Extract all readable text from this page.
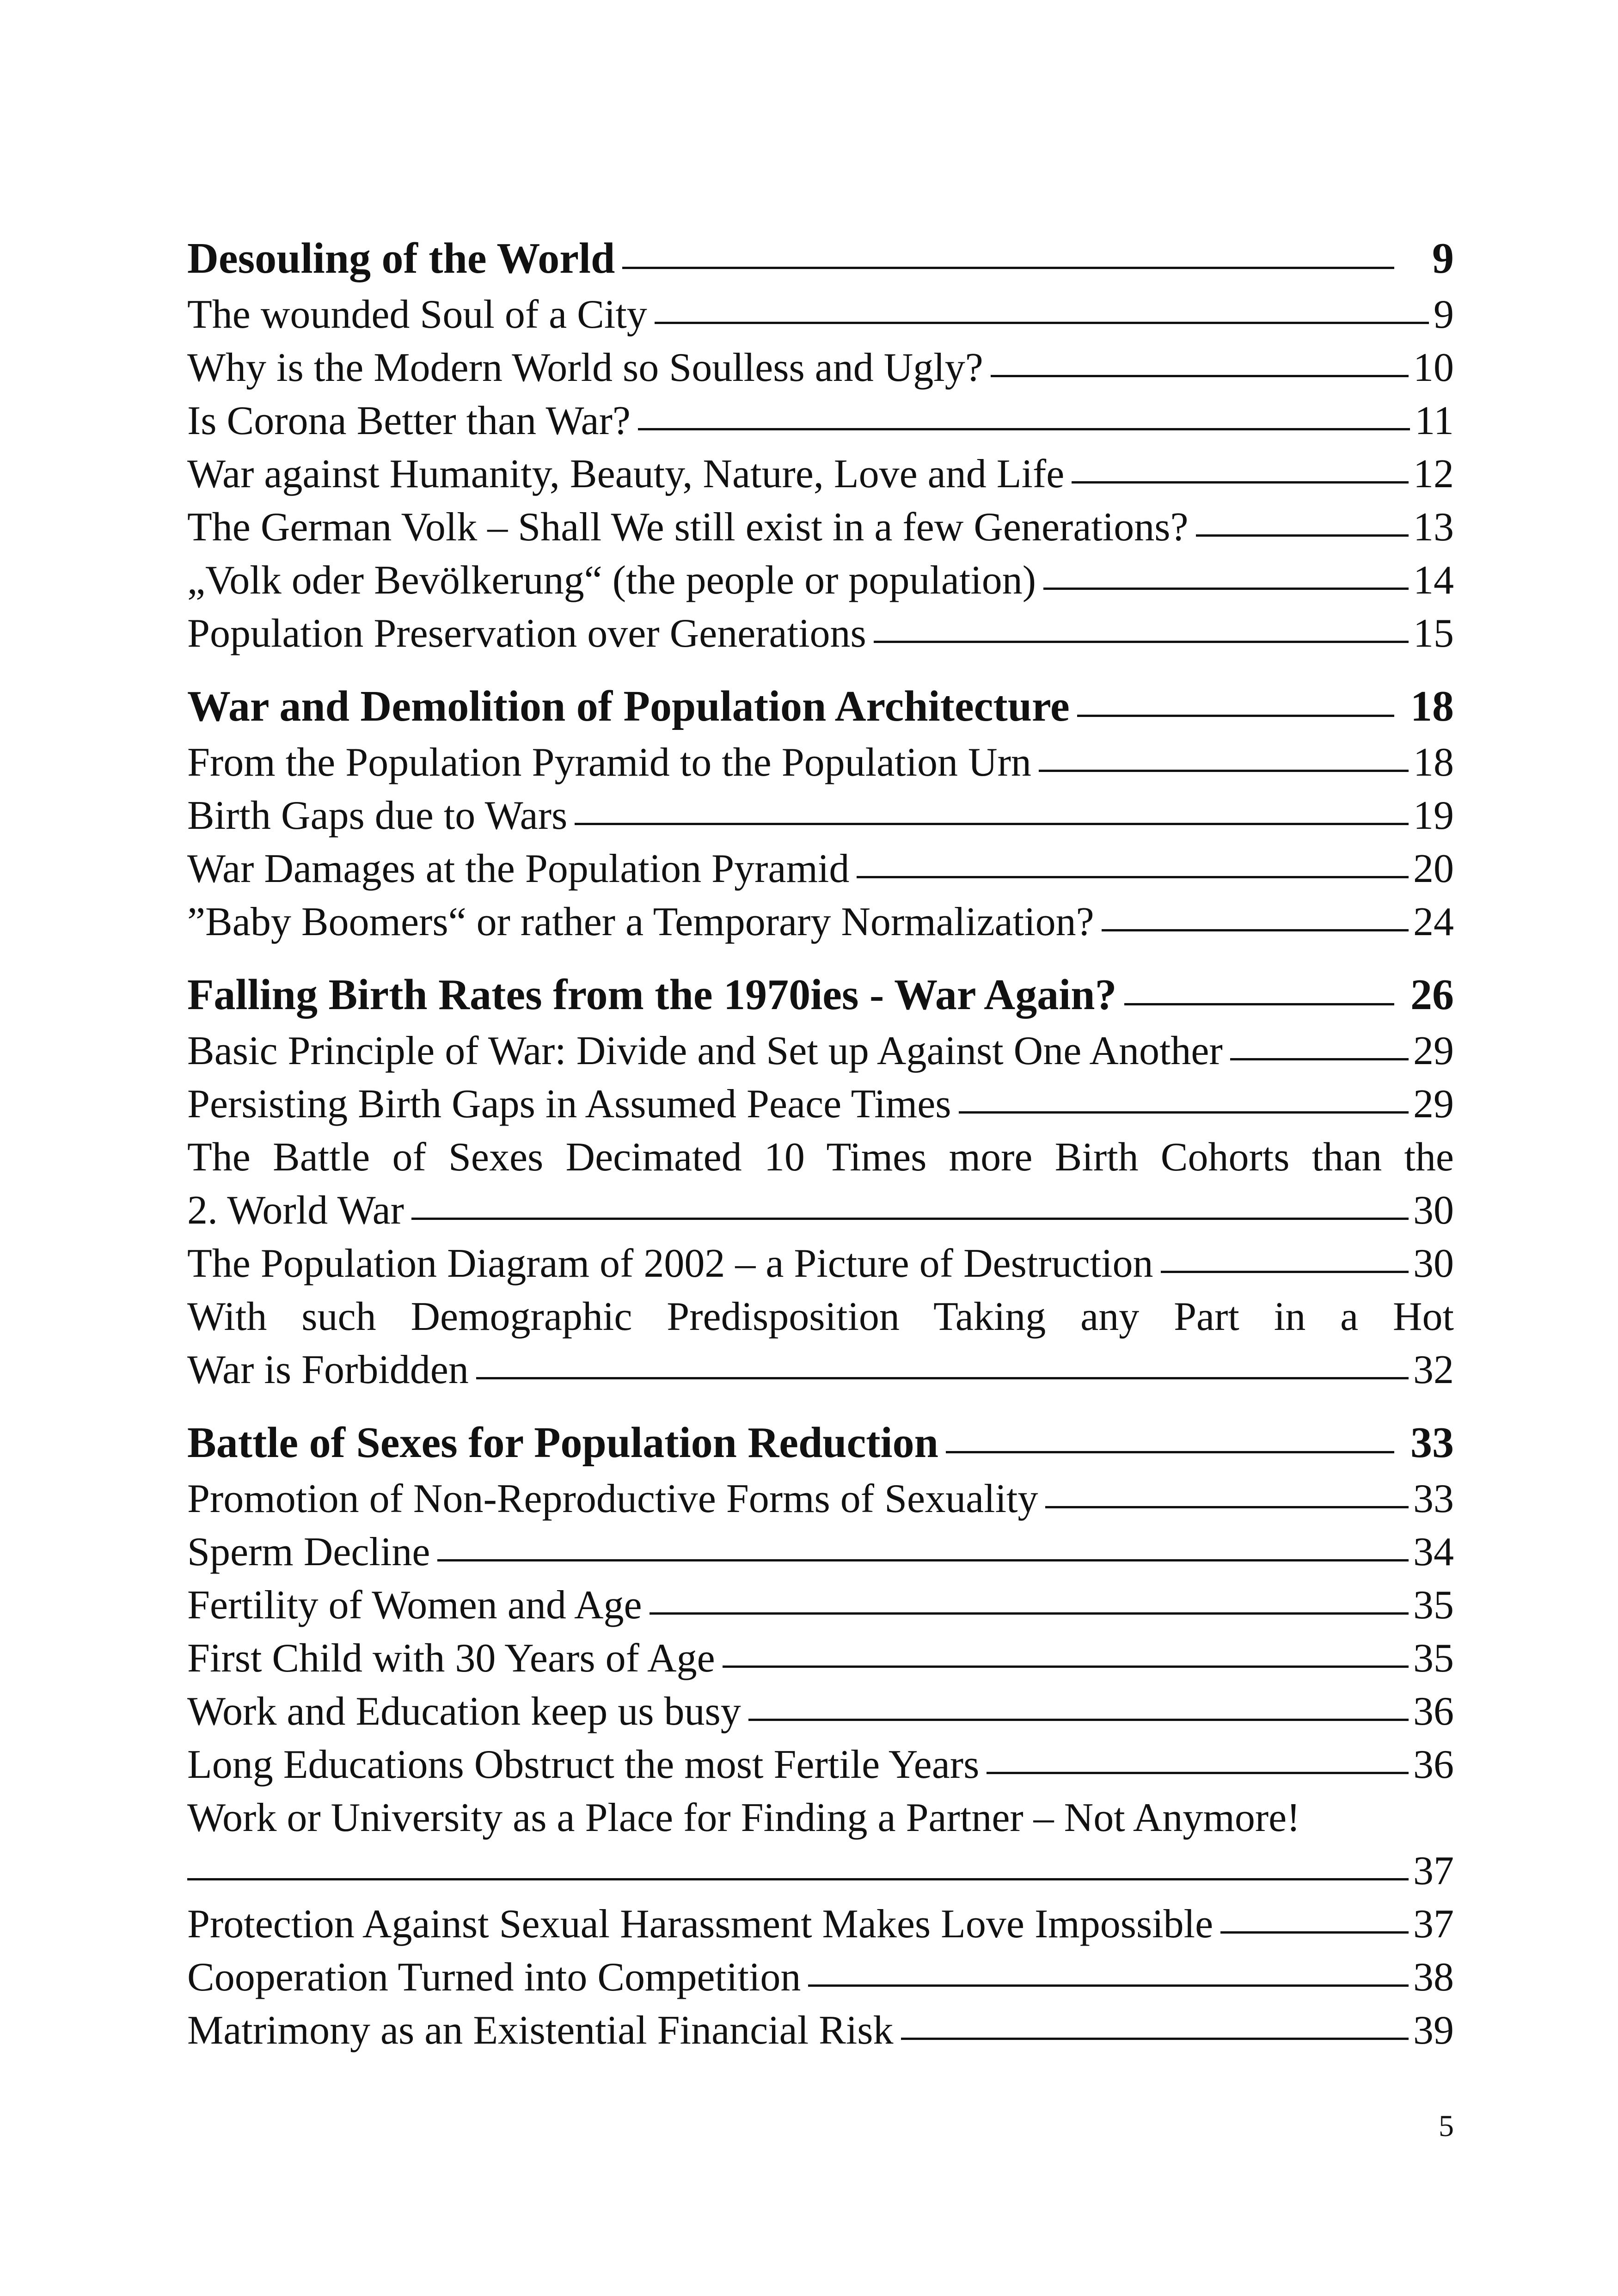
Desouling of the World	9
The wounded Soul of a City	9
Why is the Modern World so Soulless and Ugly?	10
Is Corona Better than War?	11
War against Humanity, Beauty, Nature, Love and Life	12
The German Volk – Shall We still exist in a few Generations?	13
„Volk oder Bevölkerung“ (the people or population)	14
Population Preservation over Generations	15
War and Demolition of Population Architecture	18
From the Population Pyramid to the Population Urn	18
Birth Gaps due to Wars	19
War Damages at the Population Pyramid	20
”Baby Boomers“ or rather a Temporary Normalization?	24
Falling Birth Rates from the 1970ies - War Again?	26
Basic Principle of War: Divide and Set up Against One Another	29
Persisting Birth Gaps in Assumed Peace Times	29
The Battle of Sexes Decimated 10 Times more Birth Cohorts than the
2. World War	30
The Population Diagram of 2002 – a Picture of Destruction	30
With such Demographic Predisposition Taking any Part in a Hot
War is Forbidden	32
Battle of Sexes for Population Reduction	33
Promotion of Non-Reproductive Forms of Sexuality	33
Sperm Decline	34
Fertility of Women and Age	35
First Child with 30 Years of Age	35
Work and Education keep us busy	36
Long Educations Obstruct the most Fertile Years	36
Work or University as a Place for Finding a Partner – Not Anymore!
37
Protection Against Sexual Harassment Makes Love Impossible	37
Cooperation Turned into Competition	38
Matrimony as an Existential Financial Risk	39
5
